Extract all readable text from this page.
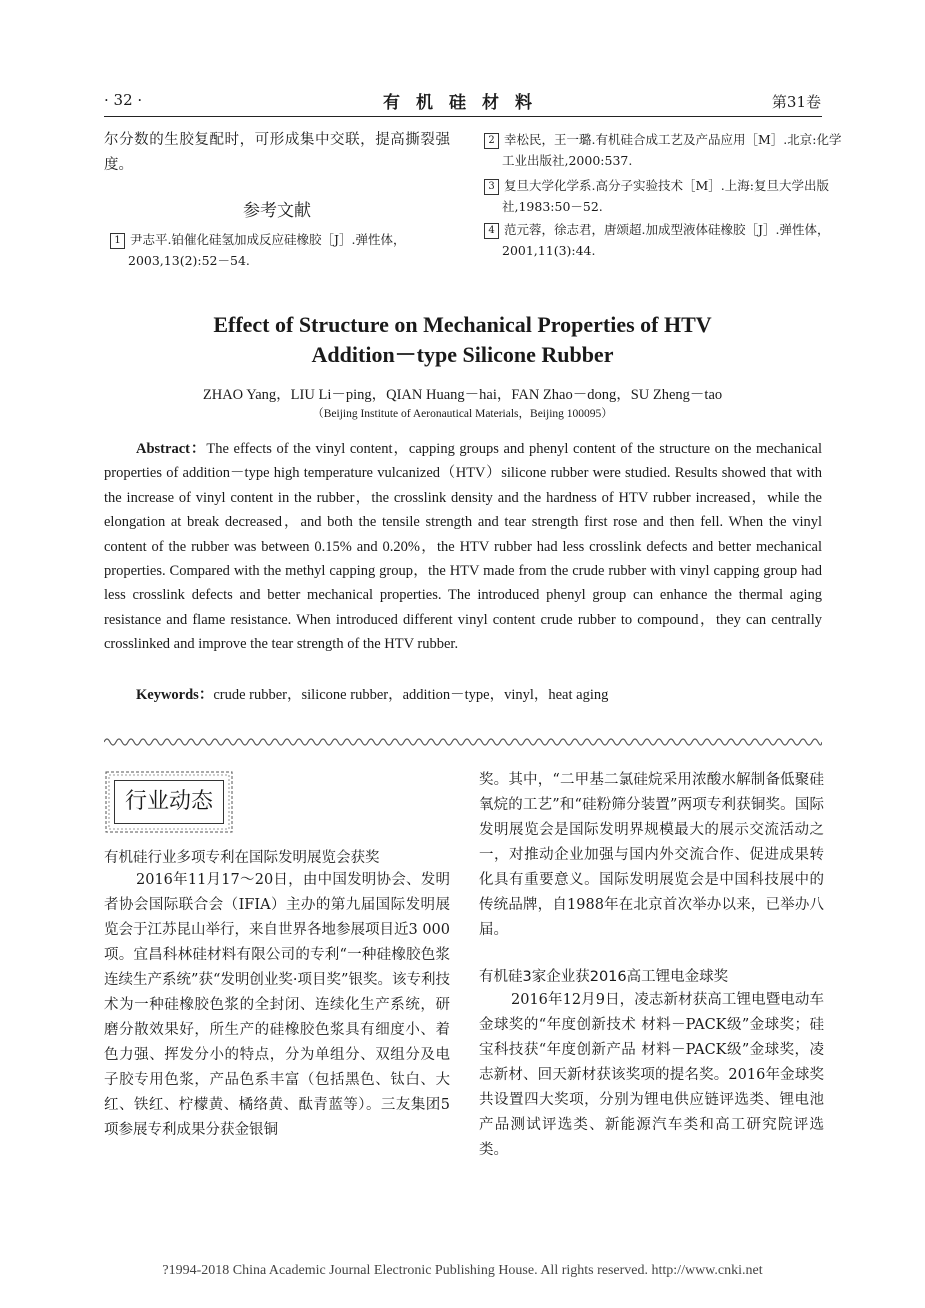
· 32 ·	有机硅材料	第31卷
尔分数的生胶复配时，可形成集中交联，提高撕裂强度。
参考文献
1 尹志平.铂催化硅氢加成反应硅橡胶［J］.弹性体，2003,13(2):52－54.
2 幸松民，王一璐.有机硅合成工艺及产品应用［M］.北京:化学工业出版社,2000:537.
3 复旦大学化学系.高分子实验技术［M］.上海:复旦大学出版社,1983:50－52.
4 范元蓉，徐志君，唐颂超.加成型液体硅橡胶［J］.弹性体，2001,11(3):44.
Effect of Structure on Mechanical Properties of HTV
Addition－type Silicone Rubber
ZHAO Yang，LIU Li－ping，QIAN Huang－hai，FAN Zhao－dong，SU Zheng－tao
（Beijing Institute of Aeronautical Materials，Beijing 100095）
Abstract：The effects of the vinyl content，capping groups and phenyl content of the structure on the mechanical properties of addition－type high temperature vulcanized（HTV）silicone rubber were studied. Results showed that with the increase of vinyl content in the rubber，the crosslink density and the hardness of HTV rubber increased，while the elongation at break decreased，and both the tensile strength and tear strength first rose and then fell. When the vinyl content of the rubber was between 0.15% and 0.20%，the HTV rubber had less crosslink defects and better mechanical properties. Compared with the methyl capping group，the HTV made from the crude rubber with vinyl capping group had less crosslink defects and better mechanical properties. The introduced phenyl group can enhance the thermal aging resistance and flame resistance. When introduced different vinyl content crude rubber to compound，they can centrally crosslinked and improve the tear strength of the HTV rubber.
Keywords：crude rubber，silicone rubber，addition－type，vinyl，heat aging
行业动态
有机硅行业多项专利在国际发明展览会获奖
2016年11月17～20日，由中国发明协会、发明者协会国际联合会（IFIA）主办的第九届国际发明展览会于江苏昆山举行，来自世界各地参展项目近3 000项。宜昌科林硅材料有限公司的专利“一种硅橡胶色浆连续生产系统”获“发明创业奖·项目奖”银奖。该专利技术为一种硅橡胶色浆的全封闭、连续化生产系统，研磨分散效果好，所生产的硅橡胶色浆具有细度小、着色力强、挥发分小的特点，分为单组分、双组分及电子胶专用色浆，产品色系丰富（包括黑色、钛白、大红、铁红、柠檬黄、橘络黄、酞青蓝等）。三友集团5项参展专利成果分获金银铜
奖。其中，“二甲基二氯硅烷采用浓酸水解制备低聚硅氧烷的工艺”和“硅粉筛分装置”两项专利获铜奖。国际发明展览会是国际发明界规模最大的展示交流活动之一，对推动企业加强与国内外交流合作、促进成果转化具有重要意义。国际发明展览会是中国科技展中的传统品牌，自1988年在北京首次举办以来，已举办八届。
有机硅3家企业获2016高工锂电金球奖
2016年12月9日，凌志新材获高工锂电暨电动车金球奖的“年度创新技术 材料－PACK级”金球奖；硅宝科技获“年度创新产品 材料－PACK级”金球奖，凌志新材、回天新材获该奖项的提名奖。2016年金球奖共设置四大奖项，分别为锂电供应链评选类、锂电池产品测试评选类、新能源汽车类和高工研究院评选类。
?1994-2018 China Academic Journal Electronic Publishing House. All rights reserved. http://www.cnki.net
